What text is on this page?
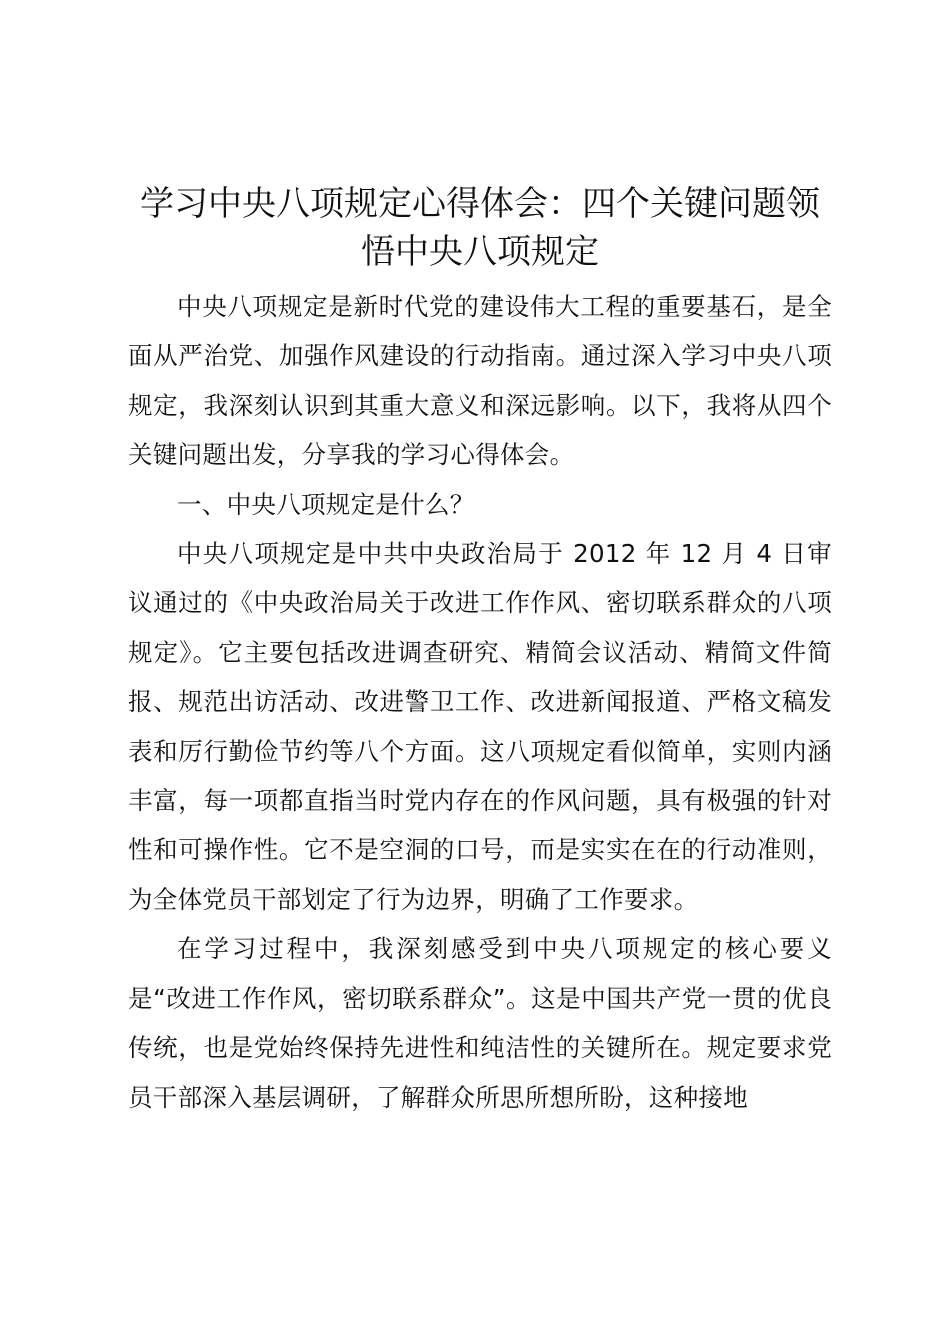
学习中央八项规定心得体会：四个关键问题领悟中央八项规定

中央八项规定是新时代党的建设伟大工程的重要基石，是全面从严治党、加强作风建设的行动指南。通过深入学习中央八项规定，我深刻认识到其重大意义和深远影响。以下，我将从四个关键问题出发，分享我的学习心得体会。

一、中央八项规定是什么？

中央八项规定是中共中央政治局于 2012 年 12 月 4 日审议通过的《中央政治局关于改进工作作风、密切联系群众的八项规定》。它主要包括改进调查研究、精简会议活动、精简文件简报、规范出访活动、改进警卫工作、改进新闻报道、严格文稿发表和厉行勤俭节约等八个方面。这八项规定看似简单，实则内涵丰富，每一项都直指当时党内存在的作风问题，具有极强的针对性和可操作性。它不是空洞的口号，而是实实在在的行动准则，为全体党员干部划定了行为边界，明确了工作要求。

在学习过程中，我深刻感受到中央八项规定的核心要义是“改进工作作风，密切联系群众”。这是中国共产党一贯的优良传统，也是党始终保持先进性和纯洁性的关键所在。规定要求党员干部深入基层调研，了解群众所思所想所盼，这种接地
